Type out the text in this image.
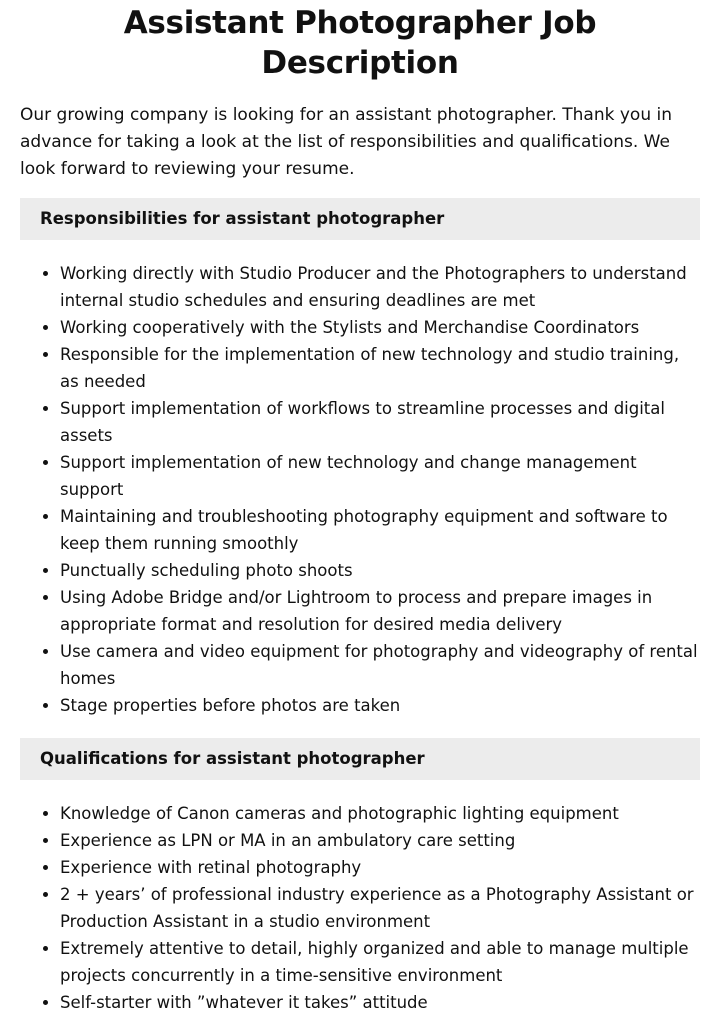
Assistant Photographer Job Description

Our growing company is looking for an assistant photographer. Thank you in advance for taking a look at the list of responsibilities and qualifications. We look forward to reviewing your resume.

Responsibilities for assistant photographer
• Working directly with Studio Producer and the Photographers to understand internal studio schedules and ensuring deadlines are met
• Working cooperatively with the Stylists and Merchandise Coordinators
• Responsible for the implementation of new technology and studio training, as needed
• Support implementation of workflows to streamline processes and digital assets
• Support implementation of new technology and change management support
• Maintaining and troubleshooting photography equipment and software to keep them running smoothly
• Punctually scheduling photo shoots
• Using Adobe Bridge and/or Lightroom to process and prepare images in appropriate format and resolution for desired media delivery
• Use camera and video equipment for photography and videography of rental homes
• Stage properties before photos are taken
Qualifications for assistant photographer
• Knowledge of Canon cameras and photographic lighting equipment
• Experience as LPN or MA in an ambulatory care setting
• Experience with retinal photography
• 2 + years’ of professional industry experience as a Photography Assistant or Production Assistant in a studio environment
• Extremely attentive to detail, highly organized and able to manage multiple projects concurrently in a time-sensitive environment
• Self-starter with ”whatever it takes” attitude
